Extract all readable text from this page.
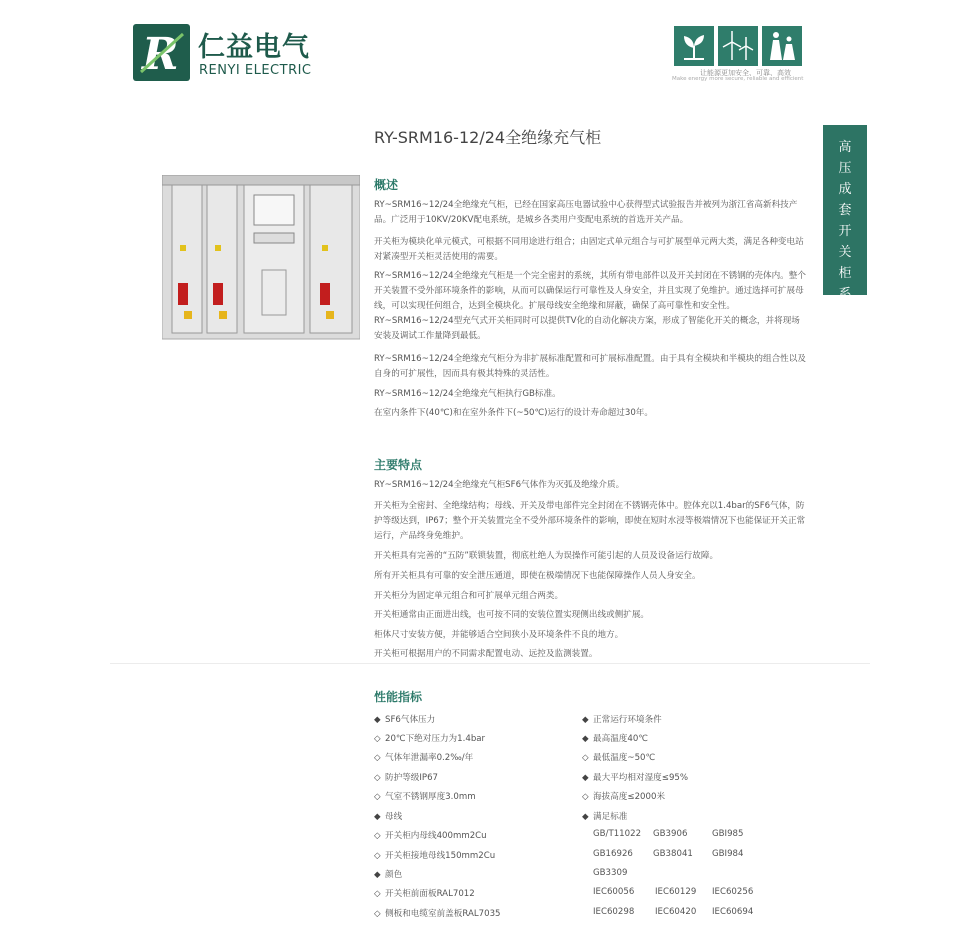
R 仁益电气
RENYI ELECTRIC	让能源更加安全、可靠、高效
Make energy more secure, reliable and efficient
高
压
成
套
开
关
柜
系
列
RY-SRM16-12/24全绝缘充气柜
概述

RY~SRM16~12/24全绝缘充气柜，已经在国家高压电器试验中心获得型式试验报告并被列为浙江省高新科技产品。广泛用于10KV/20KV配电系统，是城乡各类用户变配电系统的首选开关产品。

开关柜为模块化单元模式，可根据不同用途进行组合；由固定式单元组合与可扩展型单元两大类，满足各种变电站对紧凑型开关柜灵活使用的需要。

RY~SRM16~12/24全绝缘充气柜是一个完全密封的系统，其所有带电部件以及开关封闭在不锈钢的壳体内。整个开关装置不受外部环境条件的影响，从而可以确保运行可靠性及人身安全，并且实现了免维护。通过选择可扩展母线，可以实现任何组合，达到全模块化。扩展母线安全绝缘和屏蔽，确保了高可靠性和安全性。RY~SRM16~12/24型充气式开关柜同时可以提供TV化的自动化解决方案，形成了智能化开关的概念，并将现场安装及调试工作量降到最低。

RY~SRM16~12/24全绝缘充气柜分为非扩展标准配置和可扩展标准配置。由于具有全模块和半模块的组合性以及自身的可扩展性，因而具有极其特殊的灵活性。

RY~SRM16~12/24全绝缘充气柜执行GB标准。

在室内条件下(40℃)和在室外条件下(~50℃)运行的设计寿命超过30年。

主要特点

RY~SRM16~12/24全绝缘充气柜SF6气体作为灭弧及绝缘介质。

开关柜为全密封、全绝缘结构；母线、开关及带电部件完全封闭在不锈钢壳体中。腔体充以1.4bar的SF6气体，防护等级达到，IP67；整个开关装置完全不受外部环境条件的影响，即使在短时水浸等极端情况下也能保证开关正常运行，产品终身免维护。

开关柜具有完善的“五防”联锁装置，彻底杜绝人为误操作可能引起的人员及设备运行故障。

所有开关柜具有可靠的安全泄压通道，即使在极端情况下也能保障操作人员人身安全。

开关柜分为固定单元组合和可扩展单元组合两类。

开关柜通常由正面进出线，也可按不同的安装位置实现侧出线或侧扩展。

柜体尺寸安装方便，并能够适合空间狭小及环境条件不良的地方。

开关柜可根据用户的不同需求配置电动、远控及监测装置。

性能指标
◆ SF6气体压力
◇ 20℃下绝对压力为1.4bar
◇ 气体年泄漏率0.2‰/年
◇ 防护等级IP67
◇ 气室不锈钢厚度3.0mm
◆ 母线
◇ 开关柜内母线400mm2Cu
◇ 开关柜接地母线150mm2Cu
◆ 颜色
◇ 开关柜前面板RAL7012
◇ 侧板和电缆室前盖板RAL7035
◆ 正常运行环境条件
◆ 最高温度40℃
◇ 最低温度~50℃
◆ 最大平均相对湿度≤95%
◇ 海拔高度≤2000米
◆ 满足标准
GB/T11022 GB3906	GBI985
GB16926 GB38041 GBI984
GB3309
IEC60056 IEC60129 IEC60256
IEC60298 IEC60420 IEC60694
